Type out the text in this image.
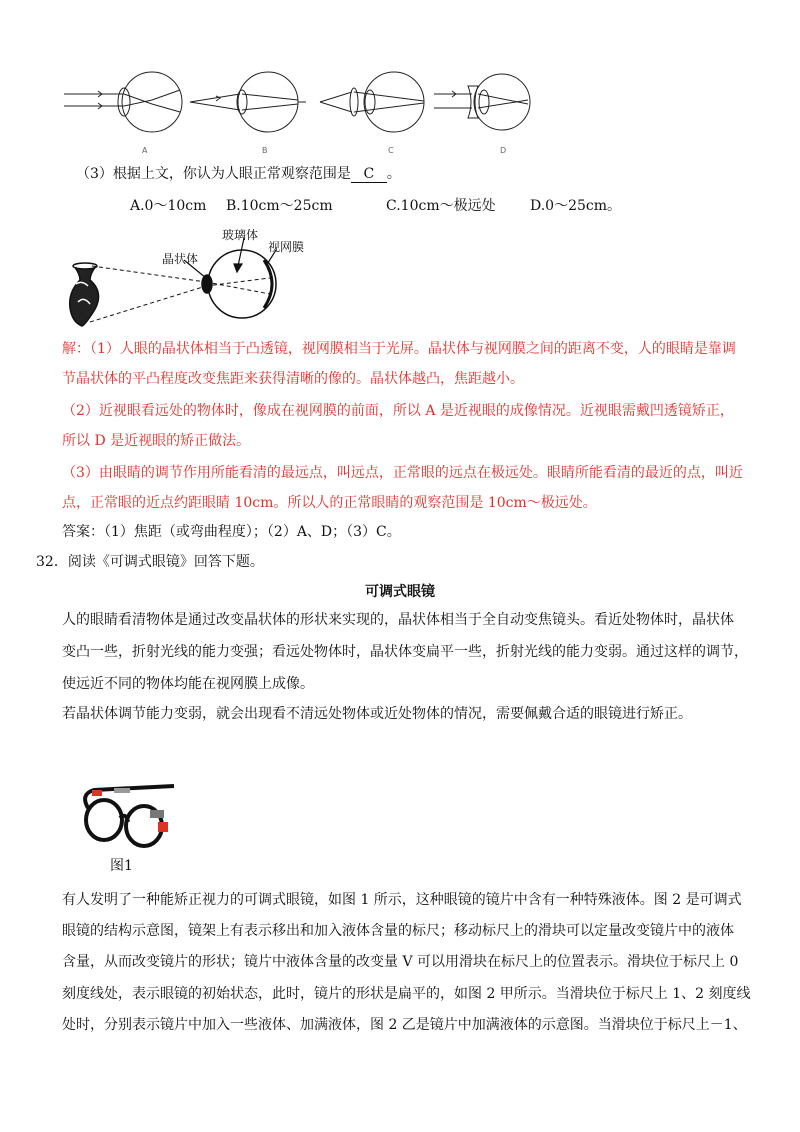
A	B	C	D
（3）根据上文，你认为人眼正常观察范围是 C 。
A.0～10cm B.10cm～25cm	C.10cm～极远处 D.0～25cm。
晶状体
玻璃体
视网膜
解：（1）人眼的晶状体相当于凸透镜，视网膜相当于光屏。晶状体与视网膜之间的距离不变，人的眼睛是靠调
节晶状体的平凸程度改变焦距来获得清晰的像的。晶状体越凸，焦距越小。
（2）近视眼看远处的物体时，像成在视网膜的前面，所以 A 是近视眼的成像情况。近视眼需戴凹透镜矫正，
所以 D 是近视眼的矫正做法。
（3）由眼睛的调节作用所能看清的最远点，叫远点，正常眼的远点在极远处。眼睛所能看清的最近的点，叫近
点，正常眼的近点约距眼睛 10cm。所以人的正常眼睛的观察范围是 10cm～极远处。
答案：（1）焦距（或弯曲程度）；（2）A、D；（3）C。
32．阅读《可调式眼镜》回答下题。
可调式眼镜
人的眼睛看清物体是通过改变晶状体的形状来实现的，晶状体相当于全自动变焦镜头。看近处物体时，晶状体
变凸一些，折射光线的能力变强；看远处物体时，晶状体变扁平一些，折射光线的能力变弱。通过这样的调节，
使远近不同的物体均能在视网膜上成像。
若晶状体调节能力变弱，就会出现看不清远处物体或近处物体的情况，需要佩戴合适的眼镜进行矫正。
图1
有人发明了一种能矫正视力的可调式眼镜，如图 1 所示，这种眼镜的镜片中含有一种特殊液体。图 2 是可调式
眼镜的结构示意图，镜架上有表示移出和加入液体含量的标尺；移动标尺上的滑块可以定量改变镜片中的液体
含量，从而改变镜片的形状；镜片中液体含量的改变量 V 可以用滑块在标尺上的位置表示。滑块位于标尺上 0
刻度线处，表示眼镜的初始状态，此时，镜片的形状是扁平的，如图 2 甲所示。当滑块位于标尺上 1、2 刻度线
处时，分别表示镜片中加入一些液体、加满液体，图 2 乙是镜片中加满液体的示意图。当滑块位于标尺上－1、
